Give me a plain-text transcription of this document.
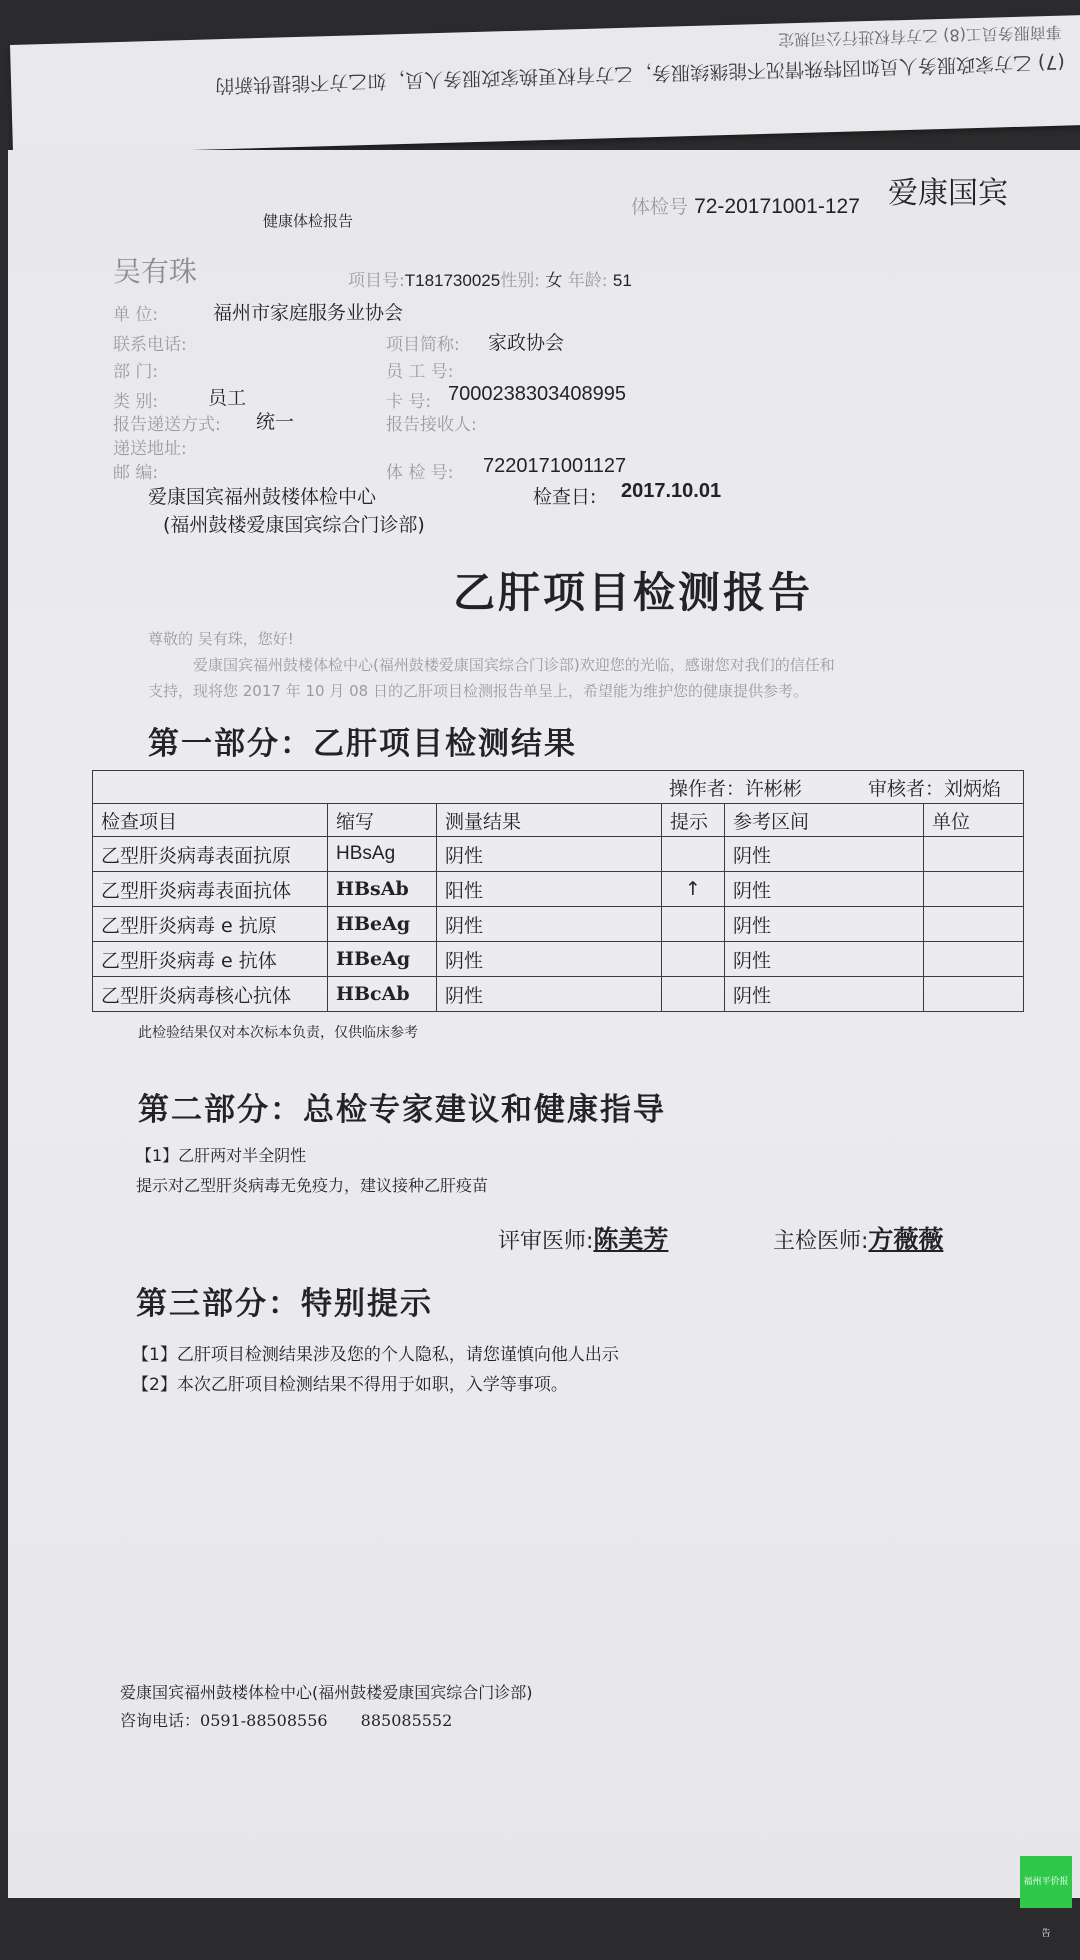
事商服务员工(8) 乙方有权进行公司规定
(7) 乙方家政服务人员如因特殊情况不能继续服务，乙方有权更换家政服务人员，如乙方不能提供新的
健康体检报告
体检号 72-20171001-127 爱康国宾
吴有珠	项目号:T181730025性别: 女 年龄: 51
单 位:	福州市家庭服务业协会
联系电话:	项目简称: 家政协会
部 门:	员 工 号:
类 别:	员工	卡 号: 7000238303408995
报告递送方式: 统一	报告接收人:
递送地址:
邮 编:	体 检 号: 7220171001127
爱康国宾福州鼓楼体检中心	检查日: 2017.10.01
(福州鼓楼爱康国宾综合门诊部)
乙肝项目检测报告
尊敬的 吴有珠，您好!
爱康国宾福州鼓楼体检中心(福州鼓楼爱康国宾综合门诊部)欢迎您的光临，感谢您对我们的信任和
支持，现将您 2017 年 10 月 08 日的乙肝项目检测报告单呈上，希望能为维护您的健康提供参考。
第一部分：乙肝项目检测结果
操作者：许彬彬 审核者：刘炳焰					
检查项目	缩写	测量结果	提示	参考区间	单位
乙型肝炎病毒表面抗原	HBsAg	阴性		阴性	
乙型肝炎病毒表面抗体	HBsAb	阳性	↑	阴性	
乙型肝炎病毒 e 抗原	HBeAg	阴性		阴性	
乙型肝炎病毒 e 抗体	HBeAg	阴性		阴性	
乙型肝炎病毒核心抗体	HBcAb	阴性		阴性	
此检验结果仅对本次标本负责，仅供临床参考
第二部分：总检专家建议和健康指导
【1】乙肝两对半全阴性
提示对乙型肝炎病毒无免疫力，建议接种乙肝疫苗
评审医师:陈美芳	主检医师:方薇薇
第三部分：特别提示
【1】乙肝项目检测结果涉及您的个人隐私，请您谨慎向他人出示
【2】本次乙肝项目检测结果不得用于如职，入学等事项。
爱康国宾福州鼓楼体检中心(福州鼓楼爱康国宾综合门诊部)
咨询电话：0591-88508556 885085552
福州平价报告
